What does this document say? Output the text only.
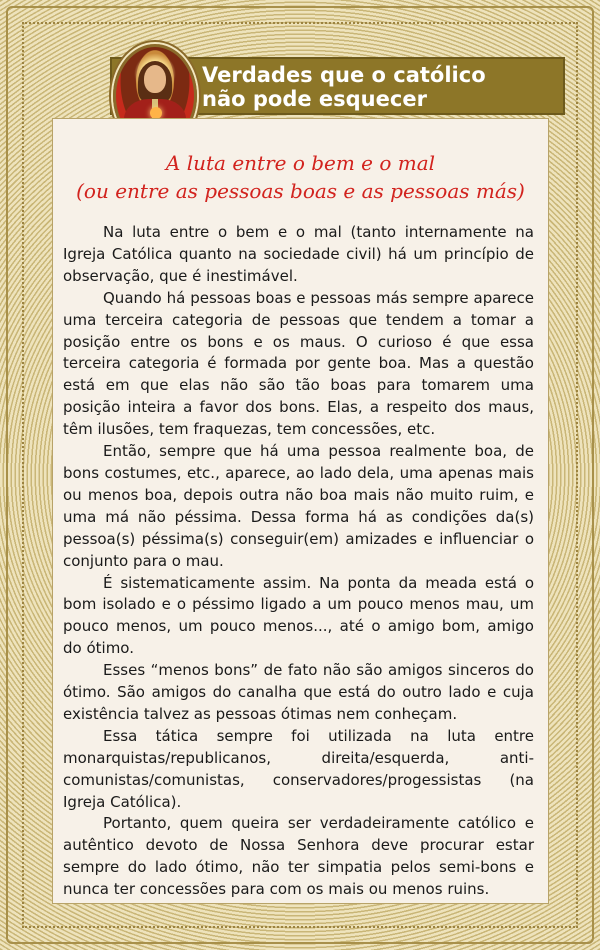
Verdades que o católico
não pode esquecer
A luta entre o bem e o mal
(ou entre as pessoas boas e as pessoas más)

Na luta entre o bem e o mal (tanto internamente na Igreja Católica quanto na sociedade civil) há um princípio de observação, que é inestimável.

Quando há pessoas boas e pessoas más sempre aparece uma terceira categoria de pessoas que tendem a tomar a posição entre os bons e os maus. O curioso é que essa terceira categoria é formada por gente boa. Mas a questão está em que elas não são tão boas para tomarem uma posição inteira a favor dos bons. Elas, a respeito dos maus, têm ilusões, tem fraquezas, tem concessões, etc.

Então, sempre que há uma pessoa realmente boa, de bons costumes, etc., aparece, ao lado dela, uma apenas mais ou menos boa, depois outra não boa mais não muito ruim, e uma má não péssima. Dessa forma há as condições da(s) pessoa(s) péssima(s) conseguir(em) amizades e influenciar o conjunto para o mau.

É sistematicamente assim. Na ponta da meada está o bom isolado e o péssimo ligado a um pouco menos mau, um pouco menos, um pouco menos..., até o amigo bom, amigo do ótimo.

Esses “menos bons” de fato não são amigos sinceros do ótimo. São amigos do canalha que está do outro lado e cuja existência talvez as pessoas ótimas nem conheçam.

Essa tática sempre foi utilizada na luta entre monarquistas/republicanos, direita/esquerda, anti-comunistas/comunistas, conservadores/progessistas (na Igreja Católica).

Portanto, quem queira ser verdadeiramente católico e autêntico devoto de Nossa Senhora deve procurar estar sempre do lado ótimo, não ter simpatia pelos semi-bons e nunca ter concessões para com os mais ou menos ruins.
